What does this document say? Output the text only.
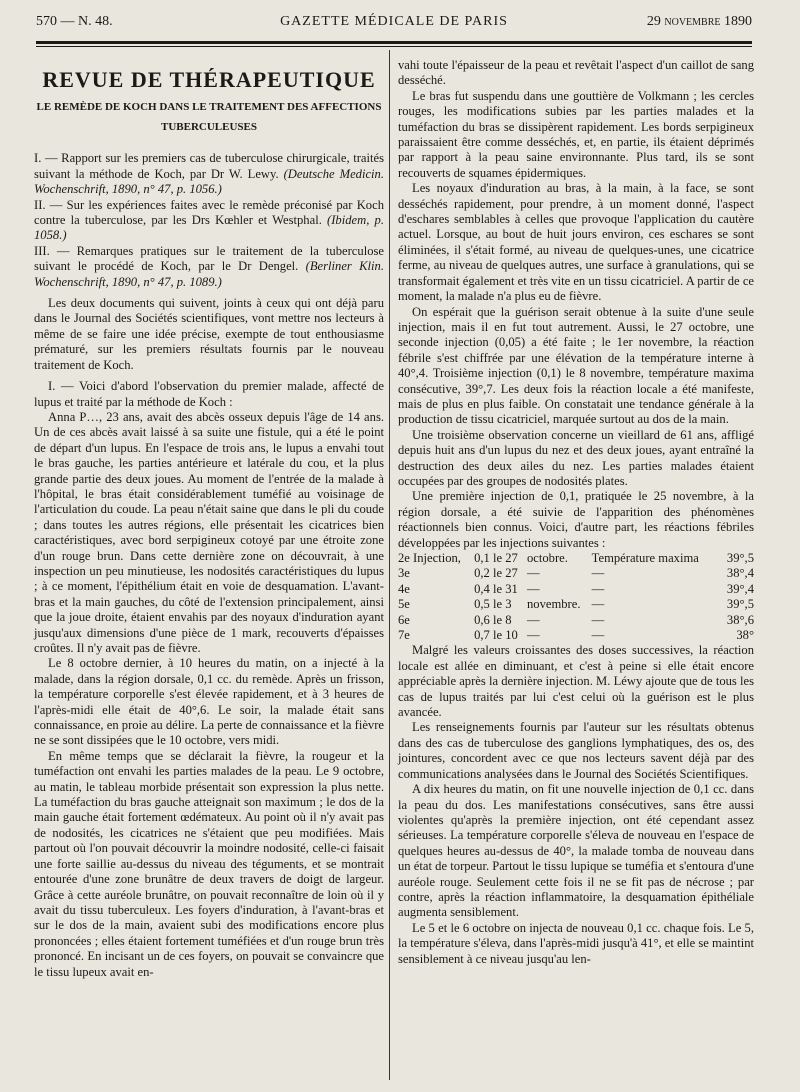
570 — N. 48.	GAZETTE MÉDICALE DE PARIS	29 novembre 1890
REVUE DE THÉRAPEUTIQUE
LE REMÈDE DE KOCH DANS LE TRAITEMENT DES AFFECTIONS TUBERCULEUSES

I. — Rapport sur les premiers cas de tuberculose chirurgicale, traités suivant la méthode de Koch, par Dr W. Lewy. (Deutsche Medicin. Wochenschrift, 1890, n° 47, p. 1056.)

II. — Sur les expériences faites avec le remède préconisé par Koch contre la tuberculose, par les Drs Kœhler et Westphal. (Ibidem, p. 1058.)

III. — Remarques pratiques sur le traitement de la tuberculose suivant le procédé de Koch, par le Dr Dengel. (Berliner Klin. Wochenschrift, 1890, n° 47, p. 1089.)

Les deux documents qui suivent, joints à ceux qui ont déjà paru dans le Journal des Sociétés scientifiques, vont mettre nos lecteurs à même de se faire une idée précise, exempte de tout enthousiasme prématuré, sur les premiers résultats fournis par le nouveau traitement de Koch.

I. — Voici d'abord l'observation du premier malade, affecté de lupus et traité par la méthode de Koch :

Anna P…, 23 ans, avait des abcès osseux depuis l'âge de 14 ans. Un de ces abcès avait laissé à sa suite une fistule, qui a été le point de départ d'un lupus. En l'espace de trois ans, le lupus a envahi tout le bras gauche, les parties antérieure et latérale du cou, et la plus grande partie des deux joues. Au moment de l'entrée de la malade à l'hôpital, le bras était considérablement tuméfié au voisinage de l'articulation du coude. La peau n'était saine que dans le pli du coude ; dans toutes les autres régions, elle présentait les cicatrices bien caractéristiques, avec bord serpigineux cotoyé par une étroite zone d'un rouge brun. Dans cette dernière zone on découvrait, à une inspection un peu minutieuse, les nodosités caractéristiques du lupus ; à ce moment, l'épithélium était en voie de desquamation. L'avant-bras et la main gauches, du côté de l'extension principalement, ainsi que la joue droite, étaient envahis par des noyaux d'induration ayant jusqu'aux dimensions d'une pièce de 1 mark, recouverts d'épaisses croûtes. Il n'y avait pas de fièvre.

Le 8 octobre dernier, à 10 heures du matin, on a injecté à la malade, dans la région dorsale, 0,1 cc. du remède. Après un frisson, la température corporelle s'est élevée rapidement, et à 3 heures de l'après-midi elle était de 40°,6. Le soir, la malade était sans connaissance, en proie au délire. La perte de connaissance et la fièvre ne se sont dissipées que le 10 octobre, vers midi.

En même temps que se déclarait la fièvre, la rougeur et la tuméfaction ont envahi les parties malades de la peau. Le 9 octobre, au matin, le tableau morbide présentait son expression la plus nette. La tuméfaction du bras gauche atteignait son maximum ; le dos de la main gauche était fortement œdémateux. Au point où il n'y avait pas de nodosités, les cicatrices ne s'étaient que peu modifiées. Mais partout où l'on pouvait découvrir la moindre nodosité, celle-ci faisait une forte saillie au-dessus du niveau des téguments, et se montrait entourée d'une zone brunâtre de deux travers de doigt de largeur. Grâce à cette auréole brunâtre, on pouvait reconnaître de loin où il y avait du tissu tuberculeux. Les foyers d'induration, à l'avant-bras et sur le dos de la main, avaient subi des modifications encore plus prononcées ; elles étaient fortement tuméfiées et d'un rouge brun très prononcé. En incisant un de ces foyers, on pouvait se convaincre que le tissu lupeux avait en-

vahi toute l'épaisseur de la peau et revêtait l'aspect d'un caillot de sang desséché.

Le bras fut suspendu dans une gouttière de Volkmann ; les cercles rouges, les modifications subies par les parties malades et la tuméfaction du bras se dissipèrent rapidement. Les bords serpigineux paraissaient être comme desséchés, et, en partie, ils étaient déprimés par rapport à la peau saine environnante. Plus tard, ils se sont recouverts de squames épidermiques.

Les noyaux d'induration au bras, à la main, à la face, se sont desséchés rapidement, pour prendre, à un moment donné, l'aspect d'eschares semblables à celles que provoque l'application du cautère actuel. Lorsque, au bout de huit jours environ, ces eschares se sont éliminées, il s'était formé, au niveau de quelques-unes, une cicatrice ferme, au niveau de quelques autres, une surface à granulations, qui se transformait également et très vite en un tissu cicatriciel. A partir de ce moment, la malade n'a plus eu de fièvre.

On espérait que la guérison serait obtenue à la suite d'une seule injection, mais il en fut tout autrement. Aussi, le 27 octobre, une seconde injection (0,05) a été faite ; le 1er novembre, la réaction fébrile s'est chiffrée par une élévation de la température interne à 40°,4. Troisième injection (0,1) le 8 novembre, température maxima consécutive, 39°,7. Les deux fois la réaction locale a été manifeste, mais de plus en plus faible. On constatait une tendance générale à la production de tissu cicatriciel, marquée surtout au dos de la main.

Une troisième observation concerne un vieillard de 61 ans, affligé depuis huit ans d'un lupus du nez et des deux joues, ayant entraîné la destruction des deux ailes du nez. Les parties malades étaient occupées par des groupes de nodosités plates.

Une première injection de 0,1, pratiquée le 25 novembre, à la région dorsale, a été suivie de l'apparition des phénomènes réactionnels bien connus. Voici, d'autre part, les réactions fébriles développées par les injections suivantes :

2e Injection,	0,1 le 27	octobre.	Température maxima	39°,5
3e	0,2 le 27	—	—	38°,4
4e	0,4 le 31	—	—	39°,4
5e	0,5 le 3	novembre.	—	39°,5
6e	0,6 le 8	—	—	38°,6
7e	0,7 le 10	—	—	38°

Malgré les valeurs croissantes des doses successives, la réaction locale est allée en diminuant, et c'est à peine si elle était encore appréciable après la dernière injection. M. Léwy ajoute que de tous les cas de lupus traités par lui c'est celui où la guérison est le plus avancée.

Les renseignements fournis par l'auteur sur les résultats obtenus dans des cas de tuberculose des ganglions lymphatiques, des os, des jointures, concordent avec ce que nos lecteurs savent déjà par des communications analysées dans le Journal des Sociétés Scientifiques.

A dix heures du matin, on fit une nouvelle injection de 0,1 cc. dans la peau du dos. Les manifestations consécutives, sans être aussi violentes qu'après la première injection, ont été cependant assez sérieuses. La température corporelle s'éleva de nouveau en l'espace de quelques heures au-dessus de 40°, la malade tomba de nouveau dans un état de torpeur. Partout le tissu lupique se tuméfia et s'entoura d'une auréole rouge. Seulement cette fois il ne se fit pas de nécrose ; par contre, après la réaction inflammatoire, la desquamation épithéliale augmenta sensiblement.

Le 5 et le 6 octobre on injecta de nouveau 0,1 cc. chaque fois. Le 5, la température s'éleva, dans l'après-midi jusqu'à 41°, et elle se maintint sensiblement à ce niveau jusqu'au len-
